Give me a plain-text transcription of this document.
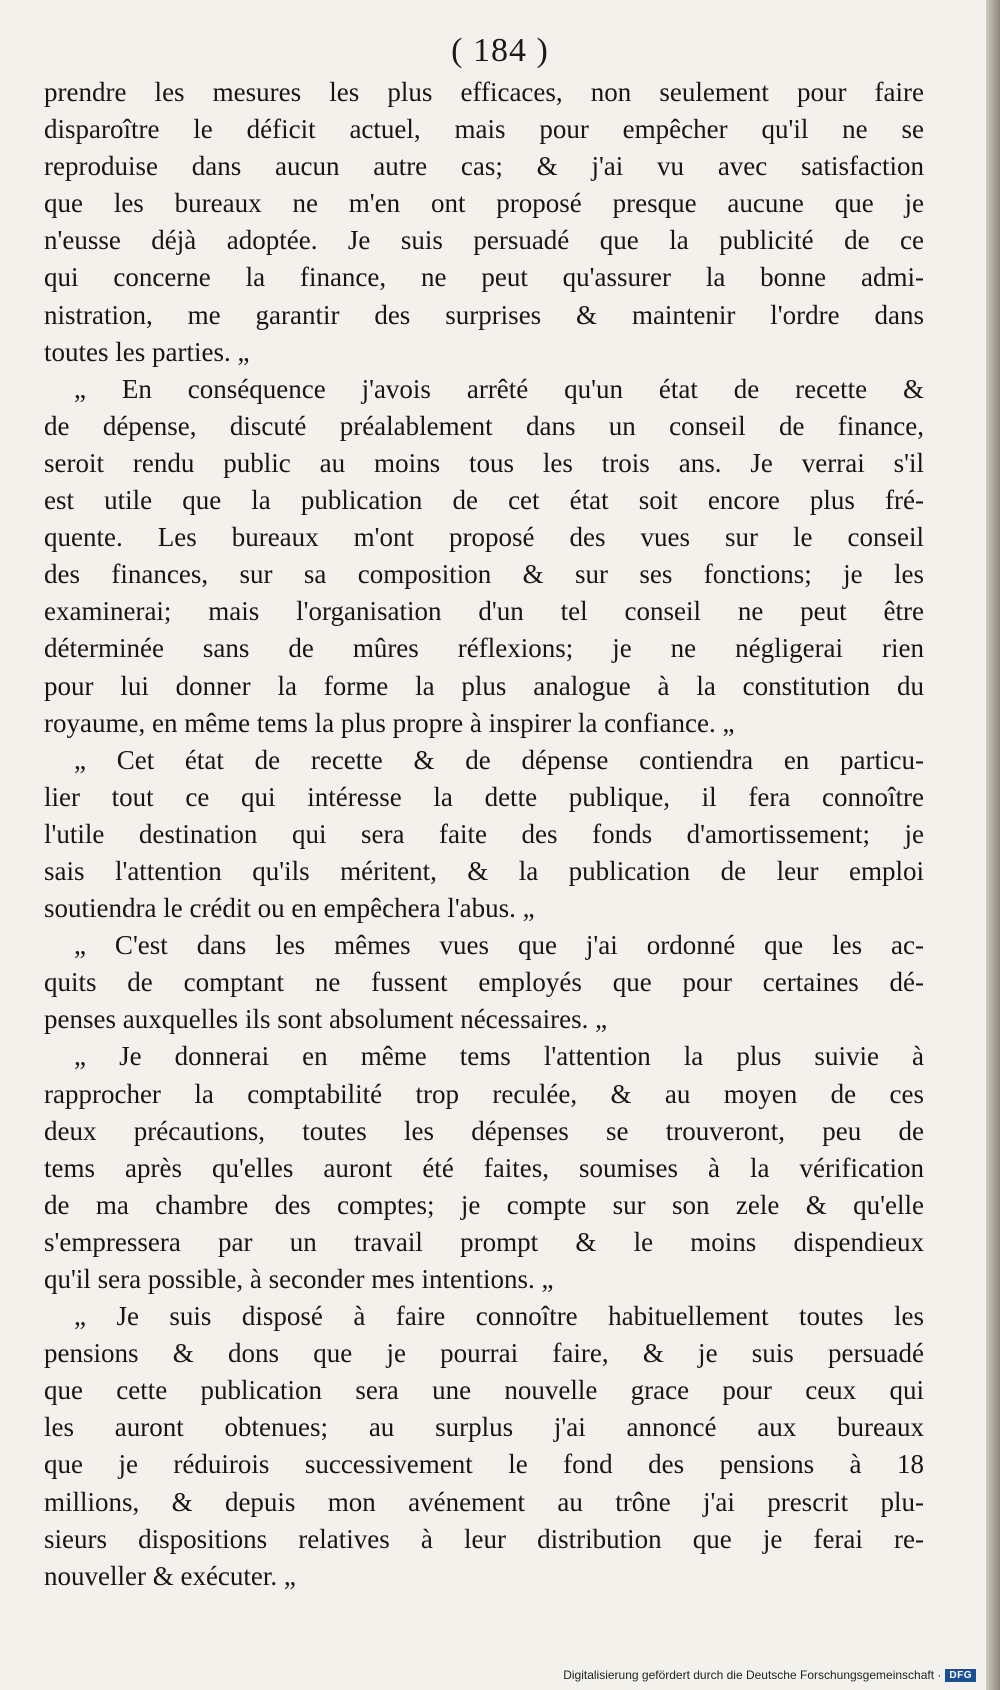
( 184 )
prendre les mesures les plus efficaces, non seulement pour faire
disparoître le déficit actuel, mais pour empêcher qu'il ne se
reproduise dans aucun autre cas; & j'ai vu avec satisfaction
que les bureaux ne m'en ont proposé presque aucune que je
n'eusse déjà adoptée. Je suis persuadé que la publicité de ce
qui concerne la finance, ne peut qu'assurer la bonne admi-
nistration, me garantir des surprises & maintenir l'ordre dans
toutes les parties. „
„ En conséquence j'avois arrêté qu'un état de recette &
de dépense, discuté préalablement dans un conseil de finance,
seroit rendu public au moins tous les trois ans. Je verrai s'il
est utile que la publication de cet état soit encore plus fré-
quente. Les bureaux m'ont proposé des vues sur le conseil
des finances, sur sa composition & sur ses fonctions; je les
examinerai; mais l'organisation d'un tel conseil ne peut être
déterminée sans de mûres réflexions; je ne négligerai rien
pour lui donner la forme la plus analogue à la constitution du
royaume, en même tems la plus propre à inspirer la confiance. „
„ Cet état de recette & de dépense contiendra en particu-
lier tout ce qui intéresse la dette publique, il fera connoître
l'utile destination qui sera faite des fonds d'amortissement; je
sais l'attention qu'ils méritent, & la publication de leur emploi
soutiendra le crédit ou en empêchera l'abus. „
„ C'est dans les mêmes vues que j'ai ordonné que les ac-
quits de comptant ne fussent employés que pour certaines dé-
penses auxquelles ils sont absolument nécessaires. „
„ Je donnerai en même tems l'attention la plus suivie à
rapprocher la comptabilité trop reculée, & au moyen de ces
deux précautions, toutes les dépenses se trouveront, peu de
tems après qu'elles auront été faites, soumises à la vérification
de ma chambre des comptes; je compte sur son zele & qu'elle
s'empressera par un travail prompt & le moins dispendieux
qu'il sera possible, à seconder mes intentions. „
„ Je suis disposé à faire connoître habituellement toutes les
pensions & dons que je pourrai faire, & je suis persuadé
que cette publication sera une nouvelle grace pour ceux qui
les auront obtenues; au surplus j'ai annoncé aux bureaux
que je réduirois successivement le fond des pensions à 18
millions, & depuis mon avénement au trône j'ai prescrit plu-
sieurs dispositions relatives à leur distribution que je ferai re-
nouveller & exécuter. „
Digitalisierung gefördert durch die Deutsche Forschungsgemeinschaft · DFG
